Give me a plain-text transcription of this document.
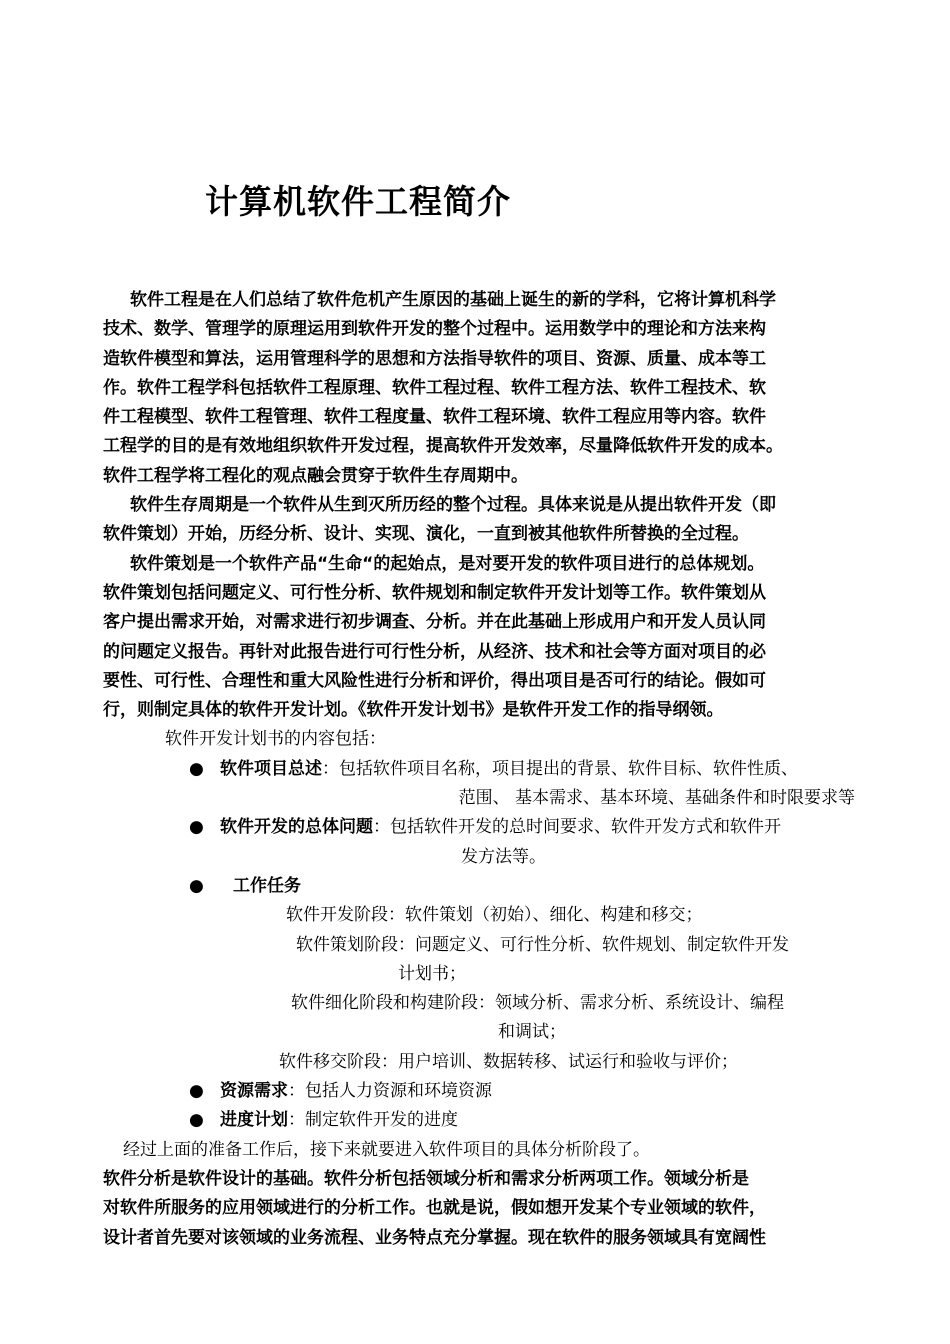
计算机软件工程简介
软件工程是在人们总结了软件危机产生原因的基础上诞生的新的学科，它将计算机科学
技术、数学、管理学的原理运用到软件开发的整个过程中。运用数学中的理论和方法来构
造软件模型和算法，运用管理科学的思想和方法指导软件的项目、资源、质量、成本等工
作。软件工程学科包括软件工程原理、软件工程过程、软件工程方法、软件工程技术、软
件工程模型、软件工程管理、软件工程度量、软件工程环境、软件工程应用等内容。软件
工程学的目的是有效地组织软件开发过程，提高软件开发效率，尽量降低软件开发的成本。
软件工程学将工程化的观点融会贯穿于软件生存周期中。
软件生存周期是一个软件从生到灭所历经的整个过程。具体来说是从提出软件开发（即
软件策划）开始，历经分析、设计、实现、演化，一直到被其他软件所替换的全过程。
软件策划是一个软件产品“生命“的起始点，是对要开发的软件项目进行的总体规划。
软件策划包括问题定义、可行性分析、软件规划和制定软件开发计划等工作。软件策划从
客户提出需求开始，对需求进行初步调查、分析。并在此基础上形成用户和开发人员认同
的问题定义报告。再针对此报告进行可行性分析，从经济、技术和社会等方面对项目的必
要性、可行性、合理性和重大风险性进行分析和评价，得出项目是否可行的结论。假如可
行，则制定具体的软件开发计划。《软件开发计划书》是软件开发工作的指导纲领。
软件开发计划书的内容包括：
● 软件项目总述：包括软件项目名称，项目提出的背景、软件目标、软件性质、
范围、 基本需求、基本环境、基础条件和时限要求等
● 软件开发的总体问题：包括软件开发的总时间要求、软件开发方式和软件开
发方法等。
● 工作任务
软件开发阶段：软件策划（初始）、细化、构建和移交；
软件策划阶段：问题定义、可行性分析、软件规划、制定软件开发
计划书；
软件细化阶段和构建阶段：领域分析、需求分析、系统设计、编程
和调试；
软件移交阶段：用户培训、数据转移、试运行和验收与评价；
● 资源需求：包括人力资源和环境资源
● 进度计划：制定软件开发的进度
经过上面的准备工作后，接下来就要进入软件项目的具体分析阶段了。
软件分析是软件设计的基础。软件分析包括领域分析和需求分析两项工作。领域分析是
对软件所服务的应用领域进行的分析工作。也就是说，假如想开发某个专业领域的软件，
设计者首先要对该领域的业务流程、业务特点充分掌握。现在软件的服务领域具有宽阔性
